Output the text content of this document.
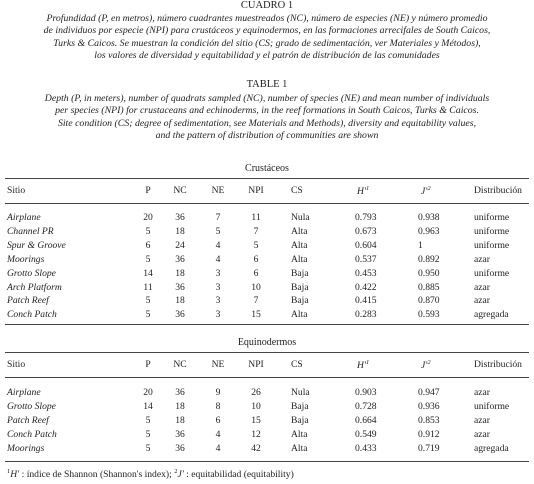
CUADRO 1
Profundidad (P, en metros), número cuadrantes muestreados (NC), número de especies (NE) y número promedio
de individuos por especie (NPI) para crustáceos y equinodermos, en las formaciones arrecifales de South Caicos,
Turks & Caicos. Se muestran la condición del sitio (CS; grado de sedimentación, ver Materiales y Métodos),
los valores de diversidad y equitabilidad y el patrón de distribución de las comunidades
TABLE 1
Depth (P, in meters), number of quadrats sampled (NC), number of species (NE) and mean number of individuals
per species (NPI) for crustaceans and echinoderms, in the reef formations in South Caicos, Turks & Caicos.
Site condition (CS; degree of sedimentation, see Materials and Methods), diversity and equitability values,
and the pattern of distribution of communities are shown
Crustáceos
Sitio	P	NC	NE	NPI	CS	$H'^1$	$J'^2$	Distribución
Airplane	20	36	7	11	Nula	0.793	0.938	uniforme
Channel PR	5	18	5	7	Alta	0.673	0.963	uniforme
Spur & Groove	6	24	4	5	Alta	0.604	1	uniforme
Moorings	5	36	4	6	Alta	0.537	0.892	azar
Grotto Slope	14	18	3	6	Baja	0.453	0.950	uniforme
Arch Platform	11	36	3	10	Baja	0.422	0.885	azar
Patch Reef	5	18	3	7	Baja	0.415	0.870	azar
Conch Patch	5	36	3	15	Alta	0.283	0.593	agregada
Equinodermos
Sitio	P	NC	NE	NPI	CS	$H'^1$	$J'^2$	Distribución
Airplane	20	36	9	26	Nula	0.903	0.947	azar
Grotto Slope	14	18	8	10	Baja	0.728	0.936	uniforme
Patch Reef	5	18	6	15	Baja	0.664	0.853	azar
Conch Patch	5	36	4	12	Alta	0.549	0.912	azar
Moorings	5	36	4	42	Alta	0.433	0.719	agregada
$^1$H' : índice de Shannon (Shannon's index); $^2$J' : equitabilidad (equitability)
